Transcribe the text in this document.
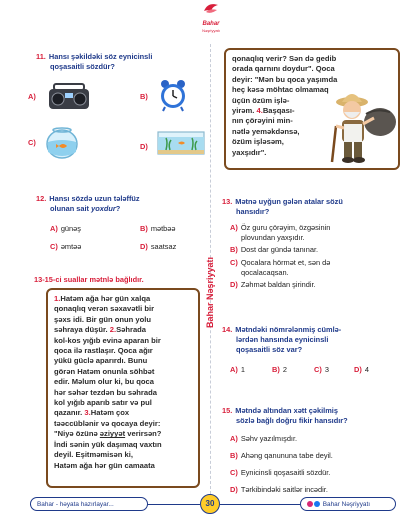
Bahar
Nəşriyyatı
Bahar Nəşriyyatı
11. Hansı şəkildəki söz eynicinsli
qoşasaitli sözdür?
A)	B)
C)	D)
12. Hansı sözdə uzun tələffüz
olunan sait yoxdur?
A) günəş	B) mətbəə
C) əmtəə	D) saatsaz
13-15-ci suallar mətnlə bağlıdır.
1.Hatəm ağa hər gün xalqa
qonaqlıq verən səxavətli bir
şəxs idi. Bir gün onun yolu
səhraya düşür. 2.Səhrada
kol-kos yığıb evinə aparan bir
qoca ilə rastlaşır. Qoca ağır
yükü güclə aparırdı. Bunu
görən Hatəm onunla söhbət
edir. Məlum olur ki, bu qoca
hər səhər tezdən bu səhrada
kol yığıb aparıb satır və pul
qazanır. 3.Hatəm çox
təəccüblənir və qocaya deyir:
"Niyə özünə əziyyət verirsən?
İndi sənin yük daşımaq vaxtın
deyil. Eşitməmisən ki,
Hatəm ağa hər gün camaata
qonaqlıq verir? Sən də gedib
orada qarnını doydur". Qoca
deyir: "Mən bu qoca yaşımda
heç kəsə möhtac olmamaq
üçün özüm işlə-
yirəm. 4.Başqası-
nın çörəyini min-
nətlə yeməkdənsə,
özüm işləsəm,
yaxşıdır".
13. Mətnə uyğun gələn atalar sözü
hansıdır?
A) Öz guru çörəyim, özgəsinin
plovundan yaxşıdır.
B) Dost dar gündə tanınar.
C) Qocalara hörmət et, sən də
qocalacaqsan.
D) Zəhmət baldan şirindir.
14. Mətndəki nömrələnmiş cümlə-
lərdən hansında eynicinsli
qoşasaitli söz var?
A) 1	B) 2	C) 3	D) 4
15. Mətndə altından xətt çəkilmiş
sözlə bağlı doğru fikir hansıdır?
A) Səhv yazılmışdır.
B) Ahəng qanununa tabe deyil.
C) Eynicinsli qoşasaitli sözdür.
D) Tərkibindəki saitlər incədir.
Bahar - həyata hazırlayar...	30	Bahar Nəşriyyatı
